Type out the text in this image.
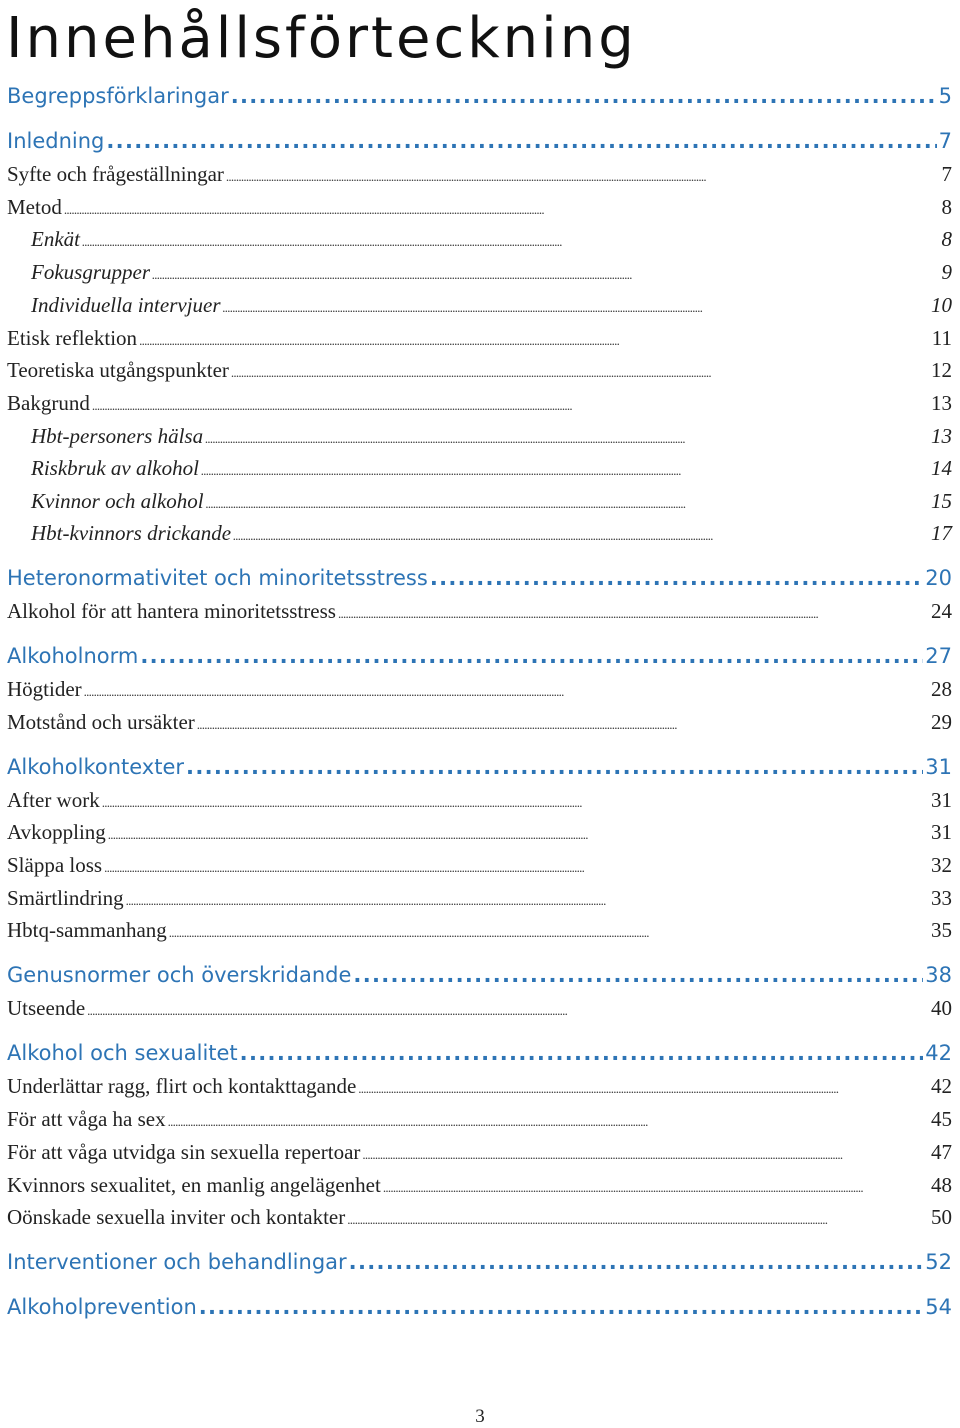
Innehållsförteckning
Begreppsförklaringar . . .	5
Inledning . . .	7
Syfte och frågeställningar . . .	7
Metod . . .	8
Enkät . . .	8
Fokusgrupper . . .	9
Individuella intervjuer . . .	10
Etisk reflektion . . .	11
Teoretiska utgångspunkter . . .	12
Bakgrund . . .	13
Hbt-personers hälsa . . .	13
Riskbruk av alkohol . . .	14
Kvinnor och alkohol . . .	15
Hbt-kvinnors drickande . . .	17
Heteronormativitet och minoritetsstress . . .	20
Alkohol för att hantera minoritetsstress . . .	24
Alkoholnorm . . .	27
Högtider . . .	28
Motstånd och ursäkter . . .	29
Alkoholkontexter . . .	31
After work . . .	31
Avkoppling . . .	31
Släppa loss . . .	32
Smärtlindring . . .	33
Hbtq-sammanhang . . .	35
Genusnormer och överskridande . . .	38
Utseende . . .	40
Alkohol och sexualitet . . .	42
Underlättar ragg, flirt och kontakttagande . . .	42
För att våga ha sex . . .	45
För att våga utvidga sin sexuella repertoar . . .	47
Kvinnors sexualitet, en manlig angelägenhet . . .	48
Oönskade sexuella inviter och kontakter . . .	50
Interventioner och behandlingar . . .	52
Alkoholprevention . . .	54
3
